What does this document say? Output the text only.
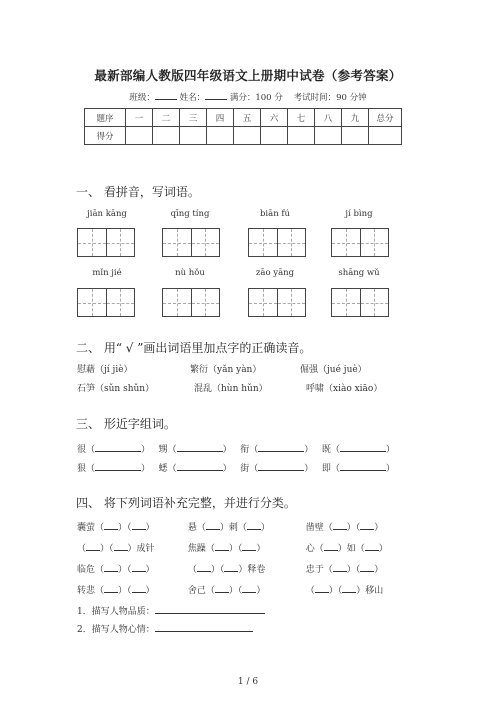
最新部编人教版四年级语文上册期中试卷（参考答案）
班级：	姓名：	满分：100 分 考试时间：90 分钟
题序	一	二	三	四	五	六	七	八	九	总分
得分										
一、 看拼音，写词语。
jiān kāng	qīng tíng	biān fú	jí bìng
mǐn jié	nù hǒu	zāo yāng	shāng wǔ
二、 用“ √ ”画出词语里加点字的正确读音。
慰藉（jí jiè）	繁衍（yǎn yàn）	倔强（jué juè）
石笋（sǔn shǔn）	混乱（hùn hǔn）	呼啸（xiào xiāo）
三、 形近字组词。
很（	） 甥（	） 衔（	） 既（	）
狠（	） 蟋（	） 街（	） 即（	）
四、 将下列词语补充完整，并进行分类。
囊萤（ ）（ ）	悬（ ）刺（ ）	凿壁（ ）（ ）
（ ）（ ）成针	焦躁（ ）（ ）	心（ ）如（ ）
临危（ ）（ ）	（ ）（ ）释卷	忠于（ ）（ ）
转悲（ ）（ ）	舍己（ ）（ ）	（ ）（ ）移山
1．描写人物品质：
2．描写人物心情：
1 / 6
